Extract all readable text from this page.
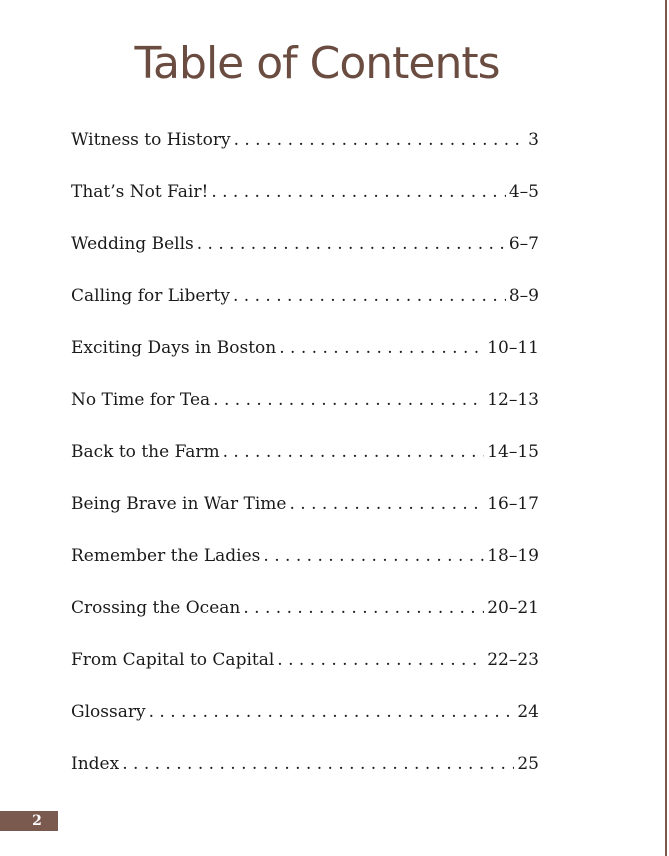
Table of Contents
Witness to History . . .	3
That’s Not Fair! . . .	4–5
Wedding Bells . . .	6–7
Calling for Liberty . . .	8–9
Exciting Days in Boston . . .	10–11
No Time for Tea . . .	12–13
Back to the Farm . . .	14–15
Being Brave in War Time . . .	16–17
Remember the Ladies . . .	18–19
Crossing the Ocean . . .	20–21
From Capital to Capital . . .	22–23
Glossary . . .	24
Index . . .	25
2
